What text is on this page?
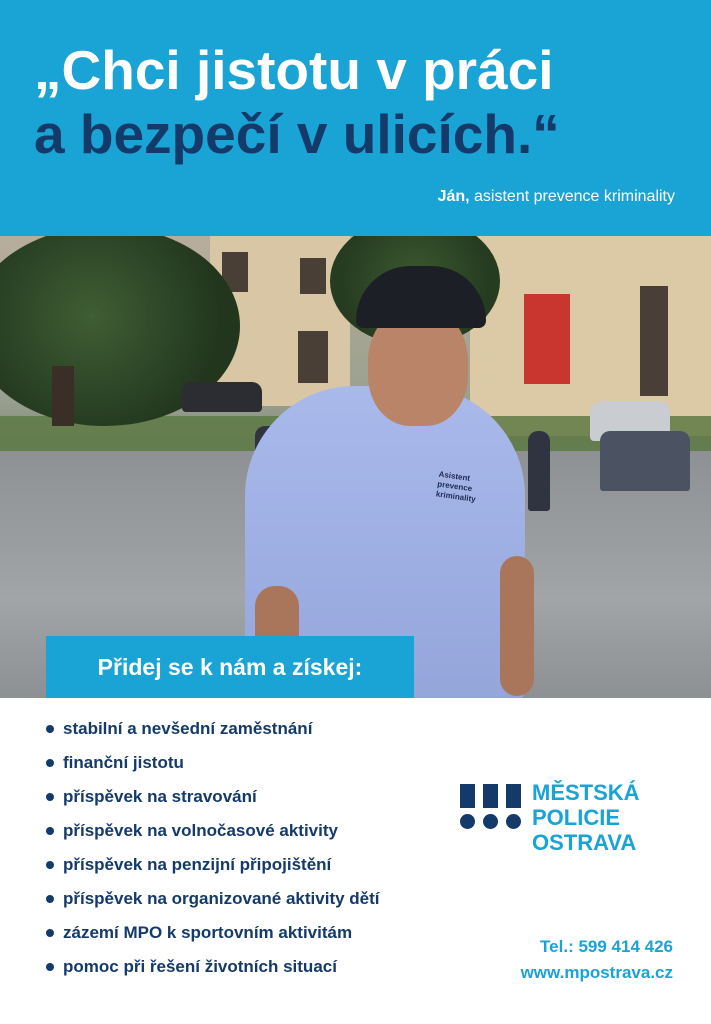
„Chci jistotu v práci
a bezpečí v ulicích.“
Ján, asistent prevence kriminality
Asistent prevence kriminality
Přidej se k nám a získej:
stabilní a nevšední zaměstnání
finanční jistotu
příspěvek na stravování
příspěvek na volnočasové aktivity
příspěvek na penzijní připojištění
příspěvek na organizované aktivity dětí
zázemí MPO k sportovním aktivitám
pomoc při řešení životních situací
MĚSTSKÁ
POLICIE
OSTRAVA
Tel.: 599 414 426
www.mpostrava.cz
